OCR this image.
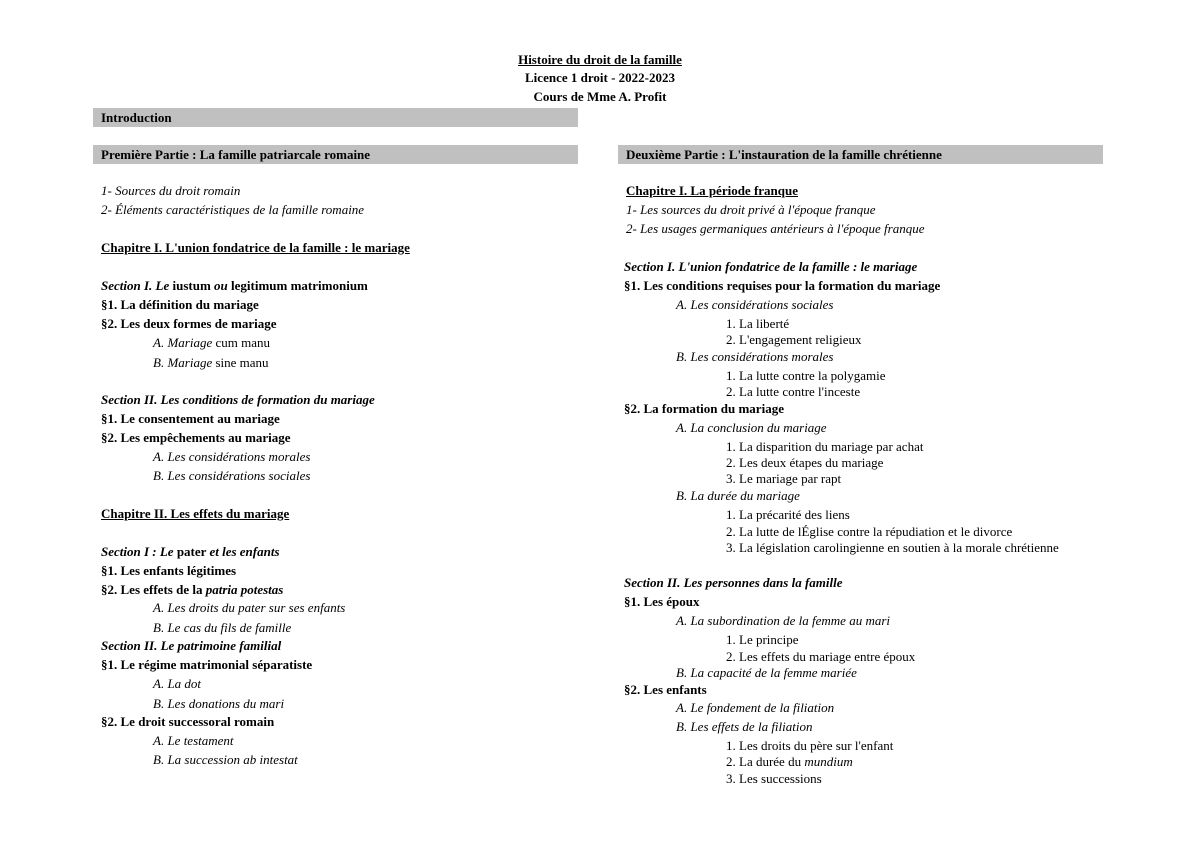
Histoire du droit de la famille
Licence 1 droit - 2022-2023
Cours de Mme A. Profit
Introduction
Première Partie : La famille patriarcale romaine	Deuxième Partie : L'instauration de la famille chrétienne
1- Sources du droit romain
2- Éléments caractéristiques de la famille romaine
Chapitre I. L'union fondatrice de la famille : le mariage
Section I. Le iustum ou legitimum matrimonium
§1. La définition du mariage
§2. Les deux formes de mariage
A. Mariage cum manu
B. Mariage sine manu
Section II. Les conditions de formation du mariage
§1. Le consentement au mariage
§2. Les empêchements au mariage
A. Les considérations morales
B. Les considérations sociales
Chapitre II. Les effets du mariage
Section I : Le pater et les enfants
§1. Les enfants légitimes
§2. Les effets de la patria potestas
A. Les droits du pater sur ses enfants
B. Le cas du fils de famille
Section II. Le patrimoine familial
§1. Le régime matrimonial séparatiste
A. La dot
B. Les donations du mari
§2. Le droit successoral romain
A. Le testament
B. La succession ab intestat
Chapitre I. La période franque
1- Les sources du droit privé à l'époque franque
2- Les usages germaniques antérieurs à l'époque franque
Section I. L'union fondatrice de la famille : le mariage
§1. Les conditions requises pour la formation du mariage
A. Les considérations sociales
1. La liberté
2. L'engagement religieux
B. Les considérations morales
1. La lutte contre la polygamie
2. La lutte contre l'inceste
§2. La formation du mariage
A. La conclusion du mariage
1. La disparition du mariage par achat
2. Les deux étapes du mariage
3. Le mariage par rapt
B. La durée du mariage
1. La précarité des liens
2. La lutte de lÉglise contre la répudiation et le divorce
3. La législation carolingienne en soutien à la morale chrétienne
Section II. Les personnes dans la famille
§1. Les époux
A. La subordination de la femme au mari
1. Le principe
2. Les effets du mariage entre époux
B. La capacité de la femme mariée
§2. Les enfants
A. Le fondement de la filiation
B. Les effets de la filiation
1. Les droits du père sur l'enfant
2. La durée du mundium
3. Les successions
